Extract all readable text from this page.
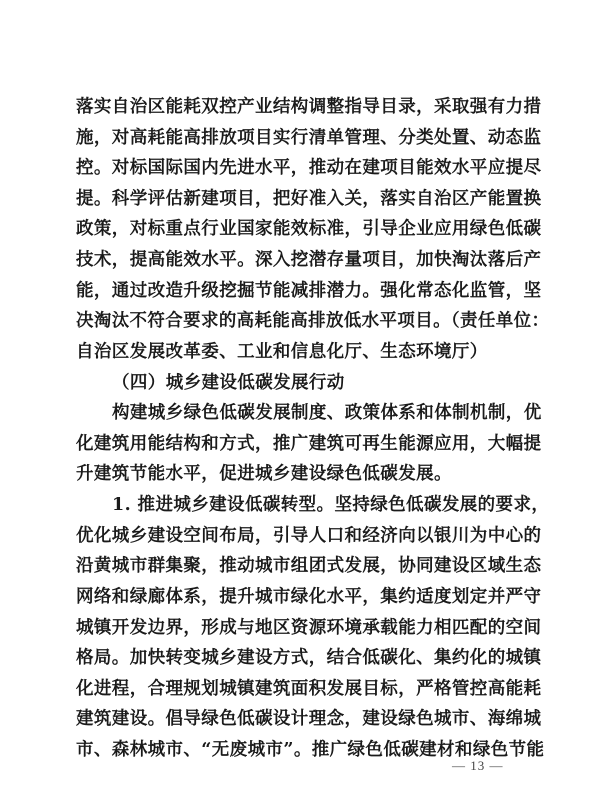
落实自治区能耗双控产业结构调整指导目录，采取强有力措
施，对高耗能高排放项目实行清单管理、分类处置、动态监
控。对标国际国内先进水平，推动在建项目能效水平应提尽
提。科学评估新建项目，把好准入关，落实自治区产能置换
政策，对标重点行业国家能效标准，引导企业应用绿色低碳
技术，提高能效水平。深入挖潜存量项目，加快淘汰落后产
能，通过改造升级挖掘节能减排潜力。强化常态化监管，坚
决淘汰不符合要求的高耗能高排放低水平项目。（责任单位：
自治区发展改革委、工业和信息化厅、生态环境厅）
（四）城乡建设低碳发展行动
构建城乡绿色低碳发展制度、政策体系和体制机制，优
化建筑用能结构和方式，推广建筑可再生能源应用，大幅提
升建筑节能水平，促进城乡建设绿色低碳发展。
1. 推进城乡建设低碳转型。坚持绿色低碳发展的要求，
优化城乡建设空间布局，引导人口和经济向以银川为中心的
沿黄城市群集聚，推动城市组团式发展，协同建设区域生态
网络和绿廊体系，提升城市绿化水平，集约适度划定并严守
城镇开发边界，形成与地区资源环境承载能力相匹配的空间
格局。加快转变城乡建设方式，结合低碳化、集约化的城镇
化进程，合理规划城镇建筑面积发展目标，严格管控高能耗
建筑建设。倡导绿色低碳设计理念，建设绿色城市、海绵城
市、森林城市、“无废城市”。推广绿色低碳建材和绿色节能
— 13 —
